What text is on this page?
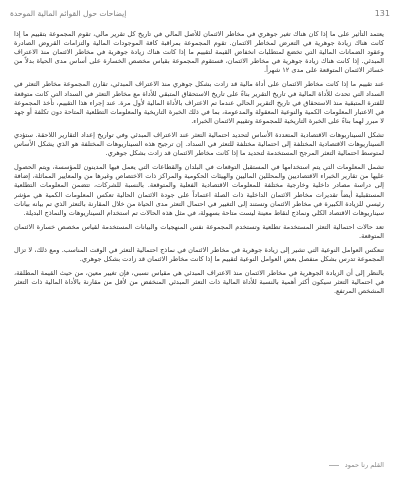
إيضاحات حول القوائم المالية الموحدة	131

يعتمد التأثير على ما إذا كان هناك تغير جوهري في مخاطر الائتمان للأصل المالي في تاريخ كل تقرير مالي، تقوم المجموعة بتقييم ما إذا كانت هناك زيادة جوهرية في التعرض لمخاطر الائتمان. تقوم المجموعة بمراقبة كافة الموجودات المالية والتزامات القروض الصادرة وعقود الضمانات المالية التي تخضع لمتطلبات انخفاض القيمة لتقييم ما إذا كانت هناك زيادة جوهرية في مخاطر الائتمان منذ الاعتراف المبدئي. إذا كانت هناك زيادة جوهرية في مخاطر الائتمان، فستقوم المجموعة بقياس مخصص الخسارة على أساس مدى الحياة بدلاً من خسائر الائتمان المتوقعة على مدى ١٢ شهراً.

عند تقييم ما إذا كانت مخاطر الائتمان على أداة مالية قد زادت بشكل جوهري منذ الاعتراف المبدئي، تقارن المجموعة مخاطر التعثر في السداد التي تحدث للأداة المالية في تاريخ التقرير بناءً على تاريخ الاستحقاق المتبقي للأداة مع مخاطر التعثر في السداد التي كانت متوقعة للفترة المتبقية منذ الاستحقاق في تاريخ التقرير الحالي عندما تم الاعتراف بالأداة المالية لأول مرة. عند إجراء هذا التقييم، تأخذ المجموعة في الاعتبار المعلومات الكمية والنوعية المعقولة والمدعومة، بما في ذلك الخبرة التاريخية والمعلومات التطلعية المتاحة دون تكلفة أو جهد لا مبرر لهما بناءً على الخبرة التاريخية للمجموعة وتقييم الائتمان الخبراء.

تشكل السيناريوهات الاقتصادية المتعددة الأساس لتحديد احتمالية التعثر عند الاعتراف المبدئي وفي تواريخ إعداد التقارير اللاحقة. ستؤدي السيناريوهات الاقتصادية المختلفة إلى احتمالية مختلفة للتعثر في السداد. إن ترجيح هذه السيناريوهات المختلفة هو الذي يشكل الأساس لمتوسط احتمالية التعثر المرجح المستخدمة لتحديد ما إذا كانت مخاطر الائتمان قد زادت بشكل جوهري.

تشمل المعلومات التي يتم استخدامها في المستقبل التوقعات في البلدان والقطاعات التي يعمل فيها المدينون للمؤسسة، ويتم الحصول عليها من تقارير الخبراء الاقتصاديين والمحللين الماليين والهيئات الحكومية والمراكز ذات الاختصاص وغيرها من والمعايير المماثلة، إضافة إلى دراسة مصادر داخلية وخارجية مختلفة للمعلومات الاقتصادية الفعلية والمتوقعة. بالنسبة للشركات، تتضمن المعلومات التطلعية المستقبلية أيضاً تقديرات مخاطر الائتمان الداخلية ذات الصلة اعتماداً على جودة الائتمان الحالية تعكس المعلومات الكمية هي مؤشر رئيسي للزيادة الكبيرة في مخاطر الائتمان وتستند إلى التغيير في احتمال التعثر مدى الحياة من خلال المقارنة بالتعثر الذي تم بيانه بيانات سيناريوهات الاقتصاد الكلي ونماذج لنقاط معينة ليست متاحة بسهولة، في مثل هذه الحالات تم استخدام السيناريوهات والنماذج البديلة.

تعد حالات احتمالية التعثر المستخدمة تطلعية وتستخدم المجموعة نفس المنهجيات والبيانات المستخدمة لقياس مخصص خسارة الائتمان المتوقعة.

تنعكس العوامل النوعية التي تشير إلى زيادة جوهرية في مخاطر الائتمان في نماذج احتمالية التعثر في الوقت المناسب. ومع ذلك، لا تزال المجموعة تدرس بشكل منفصل بعض العوامل النوعية لتقييم ما إذا كانت مخاطر الائتمان قد زادت بشكل جوهري.

بالنظر إلى أن الزيادة الجوهرية في مخاطر الائتمان منذ الاعتراف المبدئي هي مقياس نسبي، فإن تغيير معين، من حيث القيمة المطلقة، في احتمالية التعثر سيكون أكثر أهمية بالنسبة للأداة المالية ذات التعثر المبدئي المنخفض من لأقل من مقارنة بالأداة المالية ذات التعثر المشخص المرتفع.

القلم رنا حمود
